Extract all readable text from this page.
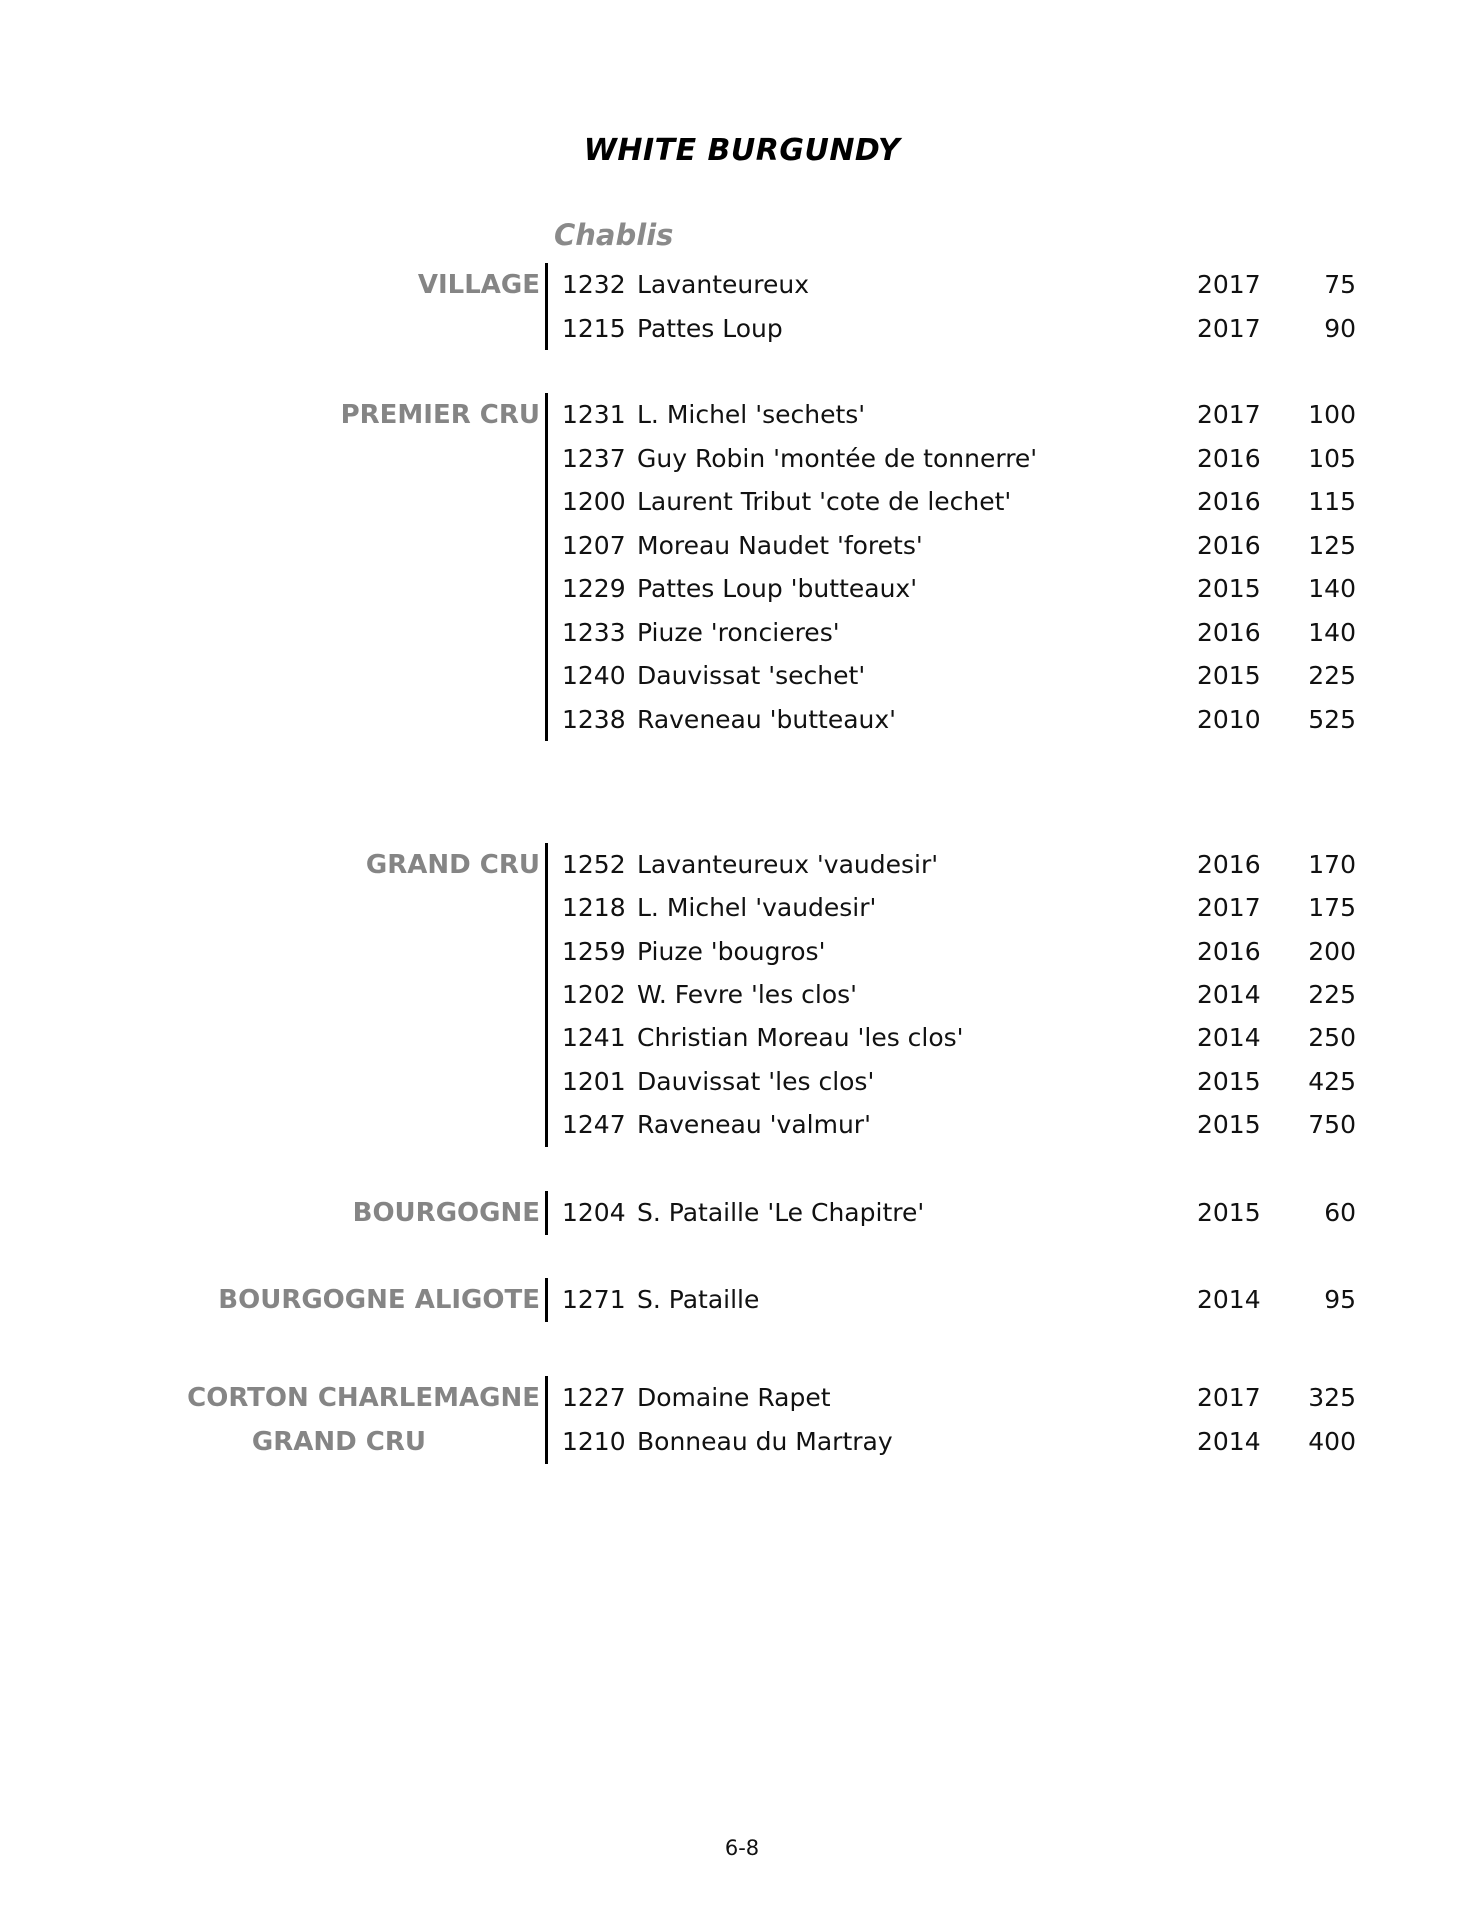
WHITE BURGUNDY
Chablis
VILLAGE 1232 Lavanteureux	2017	75
1215 Pattes Loup	2017	90
PREMIER CRU 1231 L. Michel 'sechets'	2017 100
1237 Guy Robin 'montée de tonnerre'	2016 105
1200 Laurent Tribut 'cote de lechet'	2016 115
1207 Moreau Naudet 'forets'	2016 125
1229 Pattes Loup 'butteaux'	2015 140
1233 Piuze 'roncieres'	2016 140
1240 Dauvissat 'sechet'	2015 225
1238 Raveneau 'butteaux'	2010 525
GRAND CRU 1252 Lavanteureux 'vaudesir'	2016 170
1218 L. Michel 'vaudesir'	2017 175
1259 Piuze 'bougros'	2016 200
1202 W. Fevre 'les clos'	2014 225
1241 Christian Moreau 'les clos'	2014 250
1201 Dauvissat 'les clos'	2015 425
1247 Raveneau 'valmur'	2015 750
BOURGOGNE 1204 S. Pataille 'Le Chapitre'	2015	60
BOURGOGNE ALIGOTE 1271 S. Pataille	2014	95
CORTON CHARLEMAGNE
GRAND CRU
1227 Domaine Rapet	2017 325
1210 Bonneau du Martray	2014 400
6-8
